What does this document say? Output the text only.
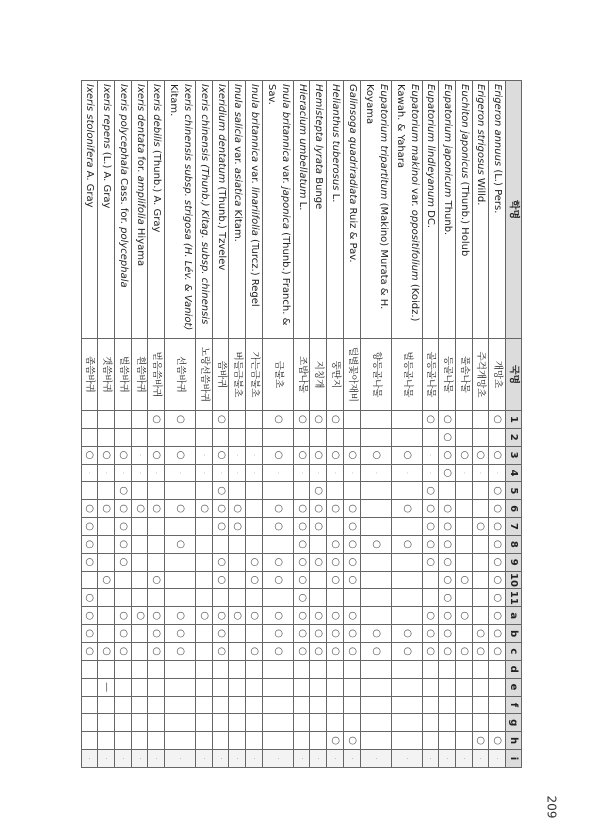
학명	국명	1	2	3	4	5	6	7	8	9	10	11	a	b	c	d	e	f	g	h	i
Erigeron annuus (L.) Pers.	개망초	○		○	·	○	○	○	○	○	○	○	○	○	○					○	·
Erigeron strigosus Willd.	주걱개망초			○	·			○						○	○					○	·
Euchiton japonicus (Thunb.) Holub	풀솜나물			○	·						○		○		○						·
Eupatorium japonicum Thunb.	등골나물	○	○	○	○		○	○	○	○	○	○	○	○	○						·
Eupatorium lindleyanum DC.	골등골나물	○		·	·	○	○	○	○	○			○	○	○						·
Eupatorium makinoi var. oppositifolium (Koidz.) Kawah. & Yahara	벌등골나물			○	·		○		○					○	○						·
Eupatorium tripartitum (Makino) Murata & H. Koyama	향등골나물			○	·				○					○	○						·
Galinsoga quadriradiata Ruiz & Pav.	털별꽃아재비			○	·		○	○	○	○	○		○	○	○					○	·
Helianthus tuberosus L.	뚱딴지	○		○	·		○		○	○	○		○	○	○					○	·
Hemistepta lyrata Bunge	지칭개	○		○	·	○	○	○		○			○	○	○						·
Hieracium umbellatum L.	조밥나물	○		○	·		○	○	○	○	○	○	○	○	○						·
Inula britannica var. japonica (Thunb.) Franch. & Sav.	금불초	○		○	·		○	○		○	○		○	○	○						·
Inula britannica var. linariifolia (Turcz.) Regel	가는금불초			·	·					○	○		○		○						·
Inula salicia var. asiatica Kitam.	버들금불초			·	·		○	○					○								·
Ixeridium dentatum (Thunb.) Tzvelev	씀바귀	○		○	·	○	○	○		○	○		○	○	○						·
Ixeris chinensis (Thunb.) Kitag. subsp. chinensis	노랑선씀바귀			·	·		○						○								·
Ixeris chinensis subsp. strigosa (H. Lév. & Vaniot) Kitam.	선씀바귀	○		○	·		○		○				○	○	○						·
Ixeris debilis (Thunb.) A. Gray	벋음씀바귀	○		○	·		○				○		○	○	○						·
Ixeris dentata for. amplifolia Hiyama	흰씀바귀			·	·		○						○								·
Ixeris polycephala Cass. for. polycephala	벌씀바귀			○	·	○	○	○	○	○			○	○	○						·
Ixeris repens (L.) A. Gray	갯씀바귀			○	·		○				○				○		—				·
Ixeris stolonifera A. Gray	좀씀바귀			○	·		○	○	○	○		○	○	○	○						·
209
